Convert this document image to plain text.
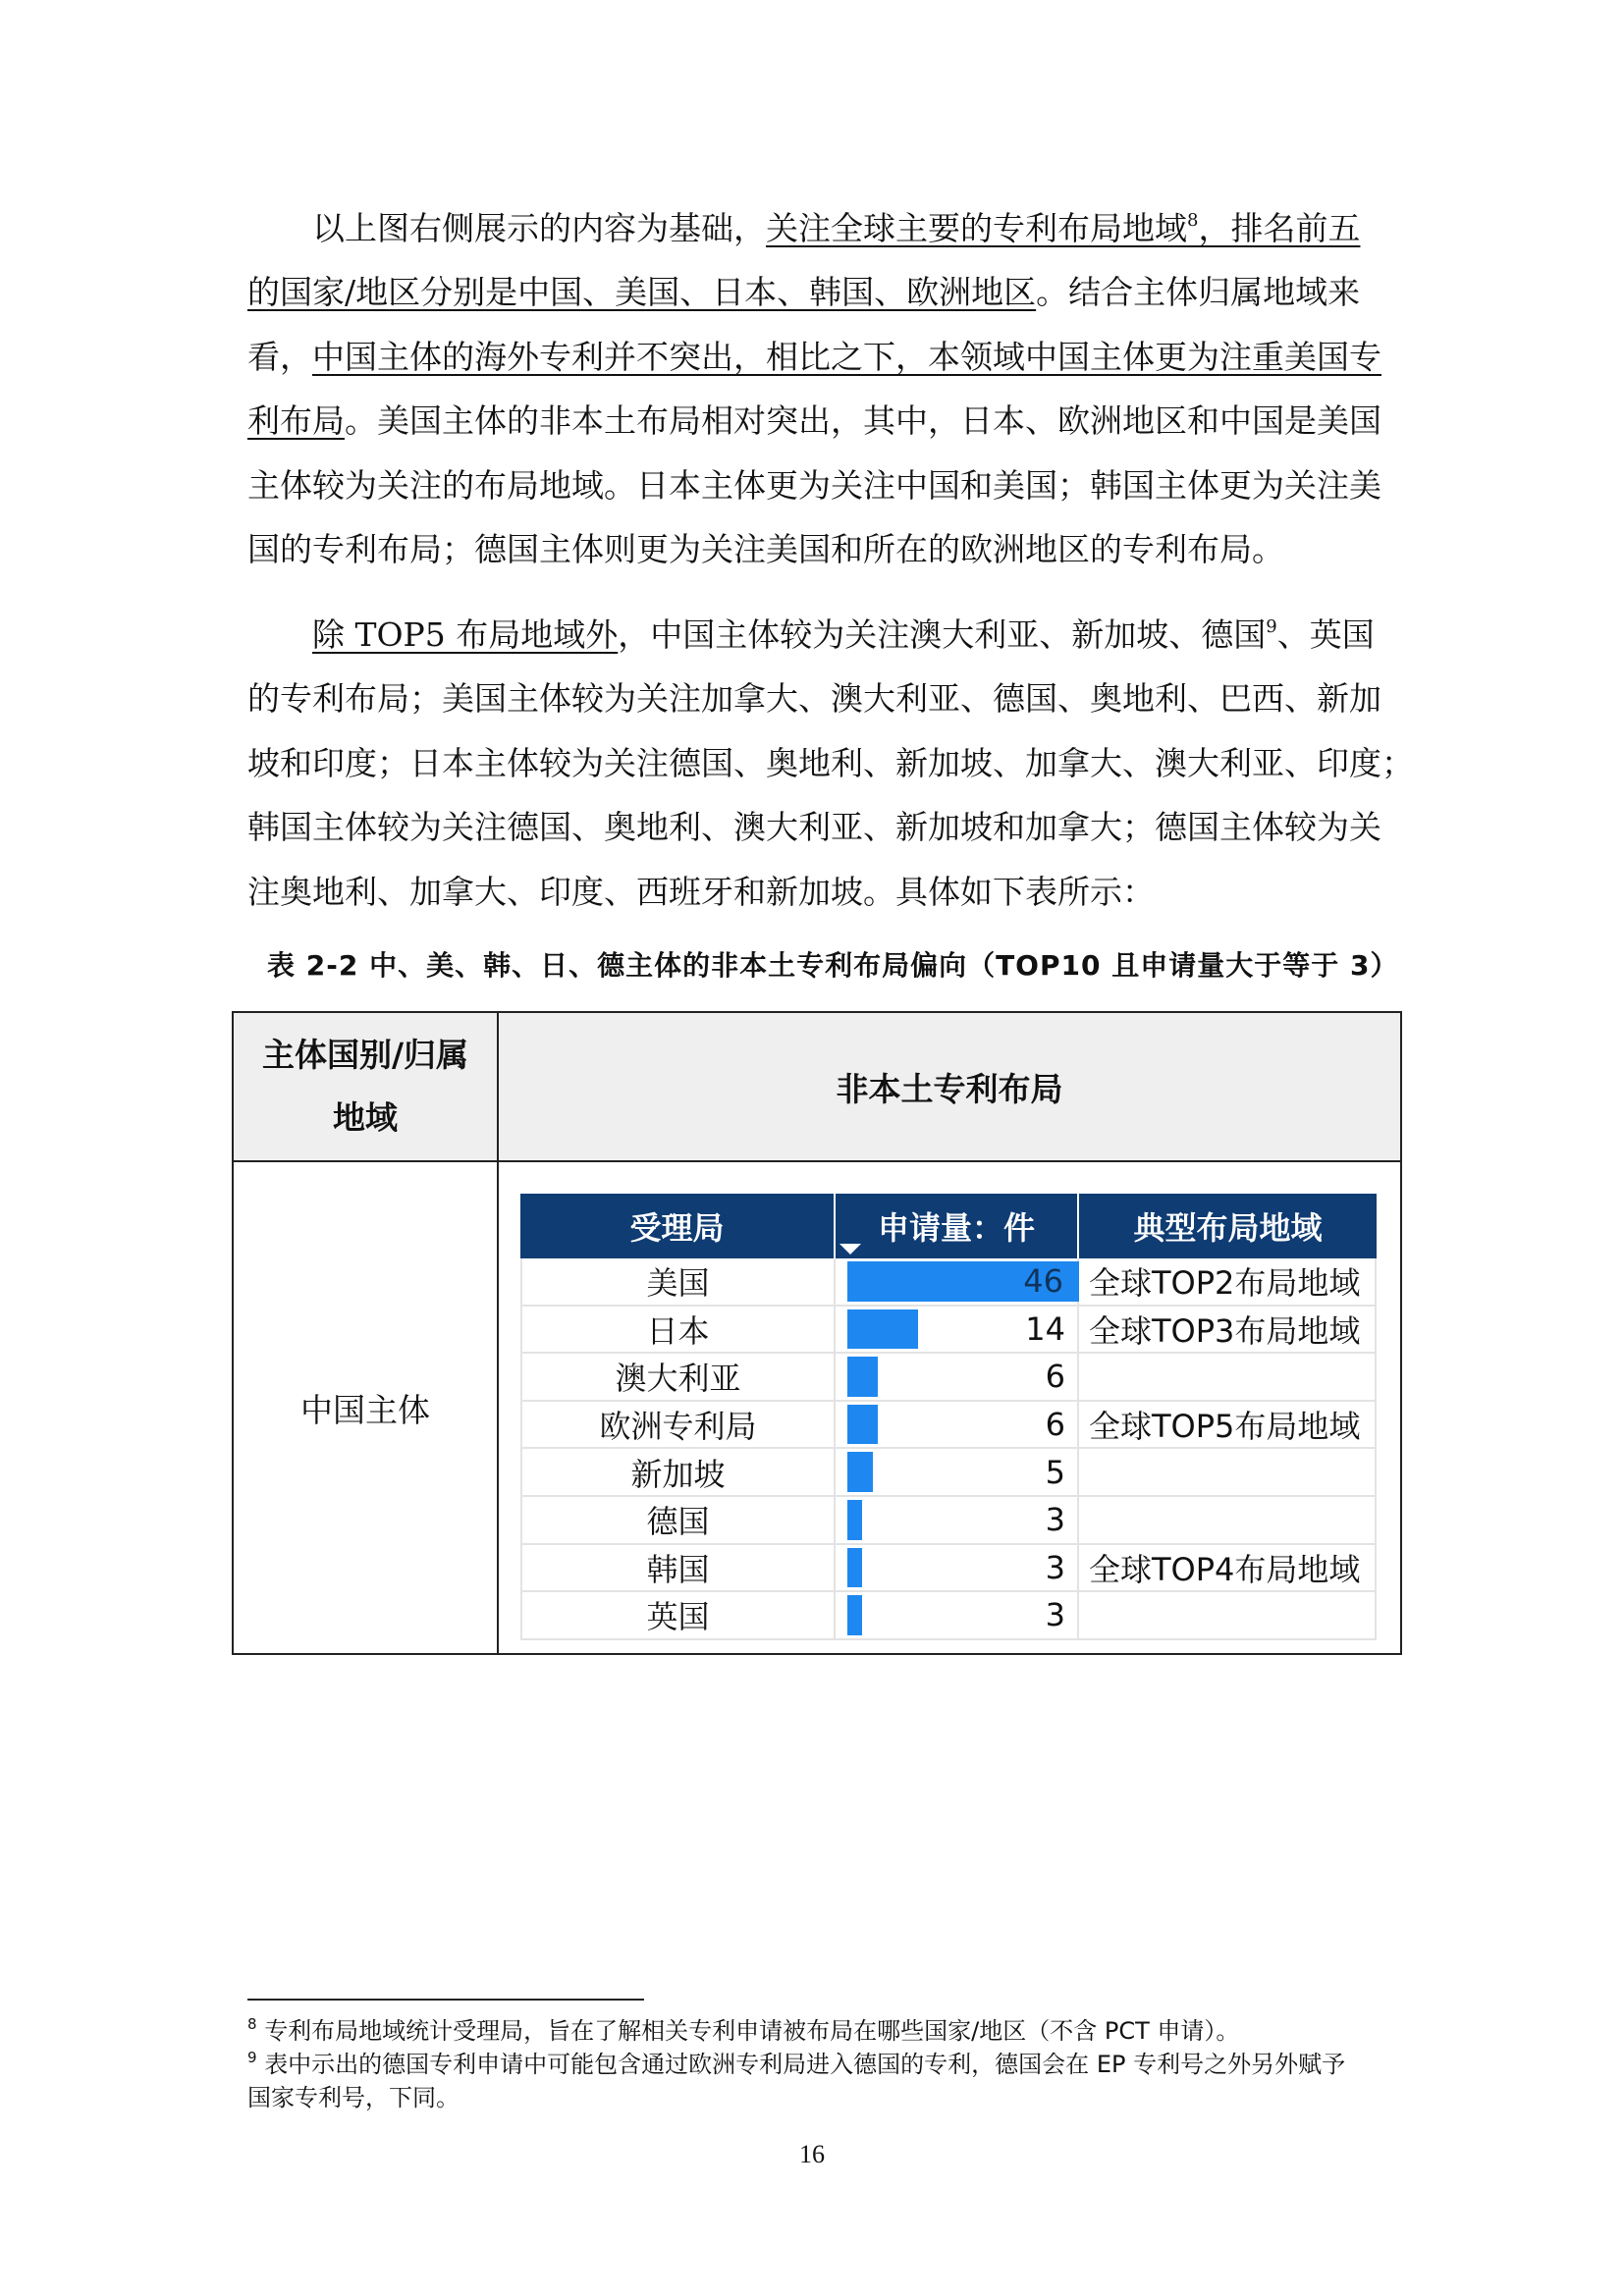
以上图右侧展示的内容为基础，关注全球主要的专利布局地域$^8$，排名前五
的国家/地区分别是中国、美国、日本、韩国、欧洲地区。结合主体归属地域来
看，中国主体的海外专利并不突出，相比之下，本领域中国主体更为注重美国专
利布局。美国主体的非本土布局相对突出，其中，日本、欧洲地区和中国是美国
主体较为关注的布局地域。日本主体更为关注中国和美国；韩国主体更为关注美
国的专利布局；德国主体则更为关注美国和所在的欧洲地区的专利布局。
除 TOP5 布局地域外，中国主体较为关注澳大利亚、新加坡、德国$^9$、英国
的专利布局；美国主体较为关注加拿大、澳大利亚、德国、奥地利、巴西、新加
坡和印度；日本主体较为关注德国、奥地利、新加坡、加拿大、澳大利亚、印度；
韩国主体较为关注德国、奥地利、澳大利亚、新加坡和加拿大；德国主体较为关
注奥地利、加拿大、印度、西班牙和新加坡。具体如下表所示：
表 2-2 中、美、韩、日、德主体的非本土专利布局偏向（TOP10 且申请量大于等于 3）
主体国别/归属
地域
非本土专利布局
中国主体
受理局	申请量：件	典型布局地域
美国	46 全球TOP2布局地域
日本	14 全球TOP3布局地域
澳大利亚	6
欧洲专利局	6 全球TOP5布局地域
新加坡	5
德国	3
韩国	3 全球TOP4布局地域
英国	3
$^8$ 专利布局地域统计受理局，旨在了解相关专利申请被布局在哪些国家/地区（不含 PCT 申请）。
$^9$ 表中示出的德国专利申请中可能包含通过欧洲专利局进入德国的专利，德国会在 EP 专利号之外另外赋予
国家专利号，下同。
16
